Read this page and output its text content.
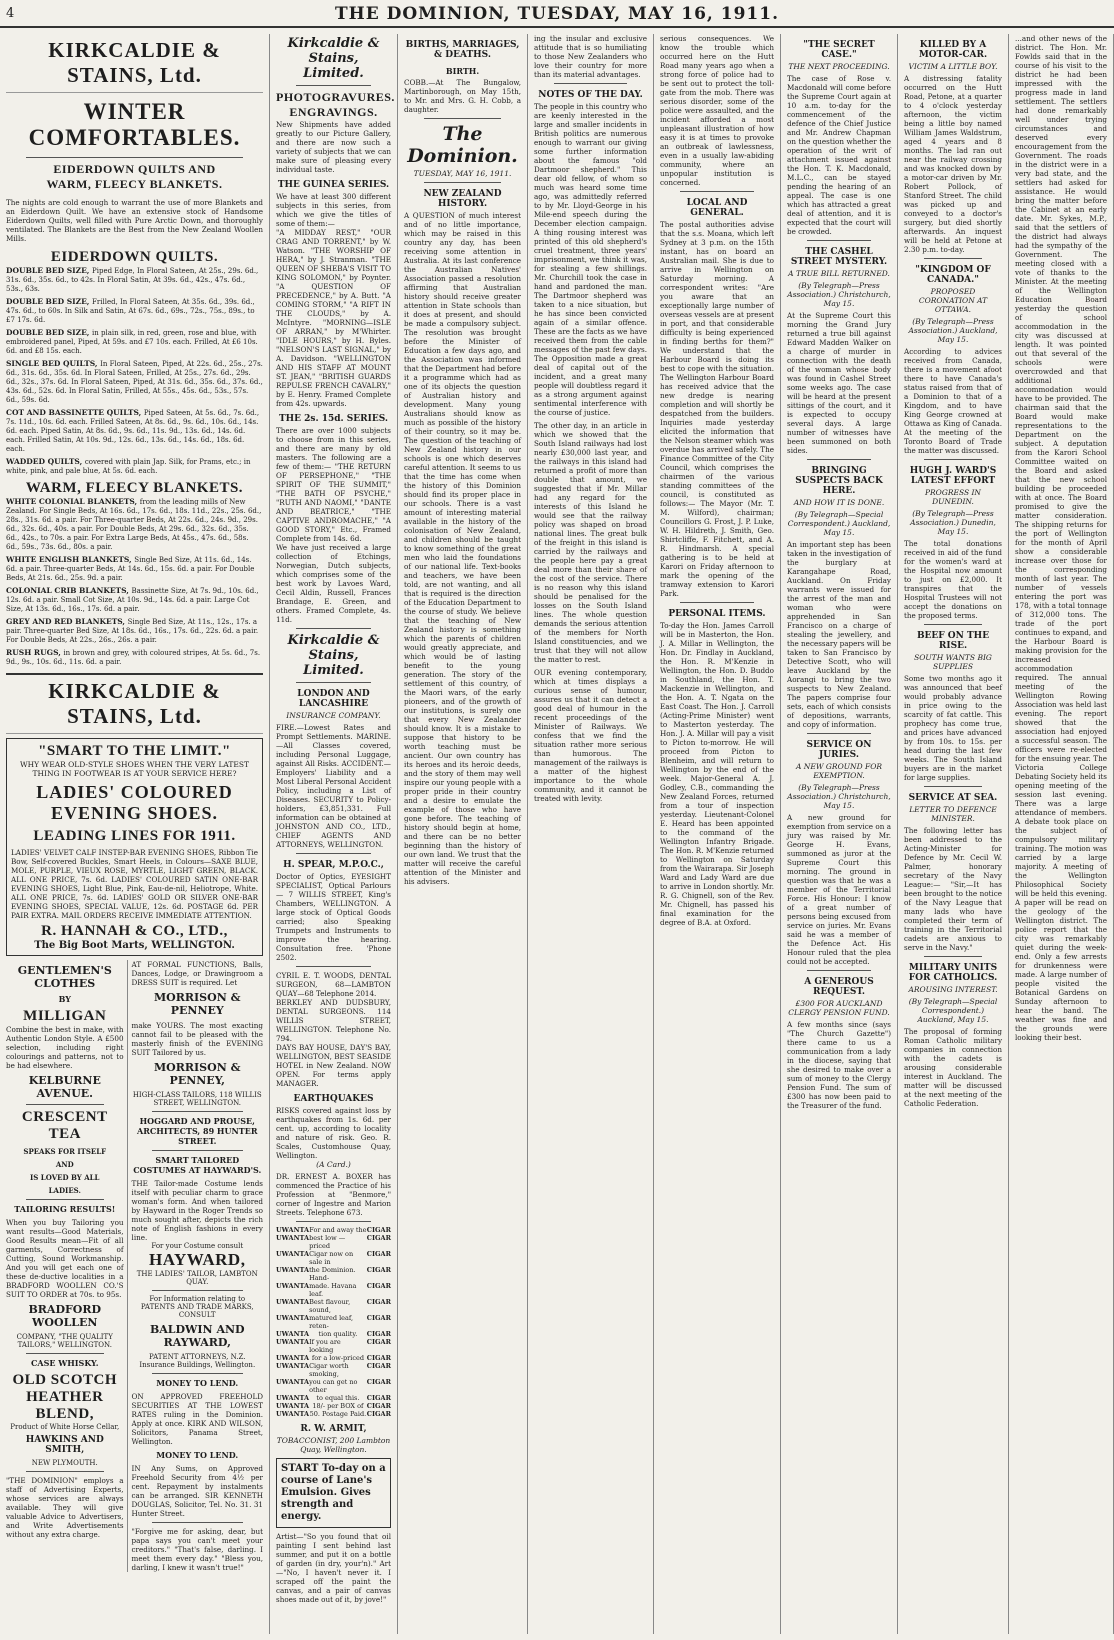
4	THE DOMINION, TUESDAY, MAY 16, 1911.
KIRKCALDIE & STAINS, Ltd.
WINTER COMFORTABLES.
EIDERDOWN QUILTS AND WARM, FLEECY BLANKETS.

The nights are cold enough to warrant the use of more Blankets and an Eiderdown Quilt. We have an extensive stock of Handsome Eiderdown Quilts, well filled with Pure Arctic Down, and thoroughly ventilated. The Blankets are the Best from the New Zealand Woollen Mills.

EIDERDOWN QUILTS.
DOUBLE BED SIZE, Piped Edge, In Floral Sateen, At 25s., 29s. 6d., 31s. 6d., 35s. 6d., to 42s. In Floral Satin, At 39s. 6d., 42s., 47s. 6d., 53s., 63s.
DOUBLE BED SIZE, Frilled, In Floral Sateen, At 35s. 6d., 39s. 6d., 47s. 6d., to 60s. In Silk and Satin, At 67s. 6d., 69s., 72s., 75s., 89s., to £7 17s. 6d.
DOUBLE BED SIZE, in plain silk, in red, green, rose and blue, with embroidered panel, Piped, At 59s. and £7 10s. each. Frilled, At £6 10s. 6d. and £8 15s. each.
SINGLE BED QUILTS, In Floral Sateen, Piped, At 22s. 6d., 25s., 27s. 6d., 31s. 6d., 35s. 6d. In Floral Sateen, Frilled, At 25s., 27s. 6d., 29s. 6d., 32s., 37s. 6d. In Floral Sateen, Piped, At 31s. 6d., 35s. 6d., 37s. 6d., 43s. 6d., 52s. 6d. In Floral Satin, Frilled, At 55s., 45s. 6d., 53s., 57s. 6d., 59s. 6d.
COT AND BASSINETTE QUILTS, Piped Sateen, At 5s. 6d., 7s. 6d., 7s. 11d., 10s. 6d. each. Frilled Sateen, At 8s. 6d., 9s. 6d., 10s. 6d., 14s. 6d. each. Piped Satin, At 8s. 6d., 9s. 6d., 11s. 9d., 13s. 6d., 14s. 6d. each. Frilled Satin, At 10s. 9d., 12s. 6d., 13s. 6d., 14s. 6d., 18s. 6d. each.
WADDED QUILTS, covered with plain Jap. Silk, for Prams, etc.; in white, pink, and pale blue, At 5s. 6d. each.
WARM, FLEECY BLANKETS.
WHITE COLONIAL BLANKETS, from the leading mills of New Zealand. For Single Beds, At 16s. 6d., 17s. 6d., 18s. 11d., 22s., 25s. 6d., 28s., 31s. 6d. a pair. For Three-quarter Beds, At 22s. 6d., 24s. 9d., 29s. 6d., 32s. 6d., 40s. a pair. For Double Beds, At 29s. 6d., 32s. 6d., 35s. 6d., 42s., to 70s. a pair. For Extra Large Beds, At 45s., 47s. 6d., 58s. 6d., 59s., 73s. 6d., 80s. a pair.
WHITE ENGLISH BLANKETS, Single Bed Size, At 11s. 6d., 14s. 6d. a pair. Three-quarter Beds, At 14s. 6d., 15s. 6d. a pair. For Double Beds, At 21s. 6d., 25s. 9d. a pair.
COLONIAL CRIB BLANKETS, Bassinette Size, At 7s. 9d., 10s. 6d., 12s. 6d. a pair. Small Cot Size, At 10s. 9d., 14s. 6d. a pair. Large Cot Size, At 13s. 6d., 16s., 17s. 6d. a pair.
GREY AND RED BLANKETS, Single Bed Size, At 11s., 12s., 17s. a pair. Three-quarter Bed Size, At 18s. 6d., 16s., 17s. 6d., 22s. 6d. a pair. For Double Beds, At 22s., 26s., 26s. a pair.
RUSH RUGS, in brown and grey, with coloured stripes, At 5s. 6d., 7s. 9d., 9s., 10s. 6d., 11s. 6d. a pair.
KIRKCALDIE & STAINS, Ltd.
"SMART TO THE LIMIT."
WHY WEAR OLD-STYLE SHOES WHEN THE VERY LATEST THING IN FOOTWEAR IS AT YOUR SERVICE HERE?
LADIES' COLOURED EVENING SHOES.
LEADING LINES FOR 1911.

LADIES' VELVET CALF INSTEP-BAR EVENING SHOES, Ribbon Tie Bow, Self-covered Buckles, Smart Heels, in Colours—SAXE BLUE, MOLE, PURPLE, VIEUX ROSE, MYRTLE, LIGHT GREEN, BLACK. ALL ONE PRICE, 7s. 6d. LADIES' COLOURED SATIN ONE-BAR EVENING SHOES, Light Blue, Pink, Eau-de-nil, Heliotrope, White. ALL ONE PRICE, 7s. 6d. LADIES' GOLD OR SILVER ONE-BAR EVENING SHOES, SPECIAL VALUE, 12s. 6d. POSTAGE 6d. PER PAIR EXTRA. MAIL ORDERS RECEIVE IMMEDIATE ATTENTION.

R. HANNAH & CO., LTD.,
The Big Boot Marts, WELLINGTON.
GENTLEMEN'S CLOTHES
BY
MILLIGAN

Combine the best in make, with Authentic London Style. A £500 selection, including right colourings and patterns, not to be had elsewhere.

KELBURNE AVENUE.
CRESCENT TEA
SPEAKS FOR ITSELF
AND
IS LOVED BY ALL
LADIES.
TAILORING RESULTS!

When you buy Tailoring you want results—Good Materials, Good Results mean—Fit of all garments, Correctness of Cutting, Sound Workmanship. And you will get each one of these de-ductive localities in a BRADFORD WOOLLEN CO.'S SUIT TO ORDER at 70s. to 95s.

BRADFORD WOOLLEN
COMPANY, "THE QUALITY TAILORS," WELLINGTON.
CASE WHISKY.
OLD SCOTCH
HEATHER BLEND,
Product of White Horse Cellar,
HAWKINS AND SMITH,
NEW PLYMOUTH.

"THE DOMINION" employs a staff of Advertising Experts, whose services are always available. They will give valuable Advice to Advertisers, and Write Advertisements without any extra charge.

AT FORMAL FUNCTIONS, Balls, Dances, Lodge, or Drawingroom a DRESS SUIT is required. Let

MORRISON & PENNEY

make YOURS. The most exacting cannot fail to be pleased with the masterly finish of the EVENING SUIT Tailored by us.

MORRISON & PENNEY,
HIGH-CLASS TAILORS, 118 WILLIS STREET, WELLINGTON.
HOGGARD AND PROUSE, ARCHITECTS, 89 HUNTER STREET.
SMART TAILORED COSTUMES AT HAYWARD'S.

THE Tailor-made Costume lends itself with peculiar charm to grace woman's form. And when tailored by Hayward in the Roger Trends so much sought after, depicts the rich note of English fashions in every line.

For your Costume consult
HAYWARD,
THE LADIES' TAILOR, LAMBTON QUAY.
For Information relating to PATENTS AND TRADE MARKS, CONSULT
BALDWIN AND RAYWARD,
PATENT ATTORNEYS, N.Z. Insurance Buildings, Wellington.
MONEY TO LEND.

ON APPROVED FREEHOLD SECURITIES AT THE LOWEST RATES ruling in the Dominion. Apply at once. KIRK AND WILSON, Solicitors, Panama Street, Wellington.

MONEY TO LEND.

IN Any Sums, on Approved Freehold Security from 4½ per cent. Repayment by instalments can be arranged. SIR KENNETH DOUGLAS, Solicitor, Tel. No. 31. 31 Hunter Street.

"Forgive me for asking, dear, but papa says you can't meet your creditors." "That's false, darling. I meet them every day." "Bless you, darling, I knew it wasn't true!"

Kirkcaldie & Stains, Limited.
PHOTOGRAVURES.
ENGRAVINGS.

New Shipments have added greatly to our Picture Gallery, and there are now such a variety of subjects that we can make sure of pleasing every individual taste.

THE GUINEA SERIES.

We have at least 300 different subjects in this series, from which we give the titles of some of them:—

"A MIDDAY REST," "OUR CRAG AND TORRENT," by W. Watson. "THE WORSHIP OF HERA," by J. Stranman. "THE QUEEN OF SHEBA'S VISIT TO KING SOLOMON," by Poynter. "A QUESTION OF PRECEDENCE," by A. Butt. "A COMING STORM," "A RIFT IN THE CLOUDS," by A. McIntyre. "MORNING—ISLE OF ARRAN," by M'Whirter. "IDLE HOURS," by H. Byles. "NELSON'S LAST SIGNAL," by A. Davidson. "WELLINGTON AND HIS STAFF AT MOUNT ST. JEAN," "BRITISH GUARDS REPULSE FRENCH CAVALRY," by E. Henry. Framed Complete from 42s. upwards.

THE 2s. 15d. SERIES.

There are over 1000 subjects to choose from in this series, and there are many by old masters. The following are a few of them:— "THE RETURN OF PERSEPHONE," "THE SPIRIT OF THE SUMMIT," "THE BATH OF PSYCHE," "RUTH AND NAOMI," "DANTE AND BEATRICE," "THE CAPTIVE ANDROMACHE," "A GOOD STORY," Etc., Framed Complete from 14s. 6d.

We have just received a large collection of Etchings, Norwegian, Dutch subjects, which comprises some of the best work by Lavoes Ward, Cecil Aldin, Russell, Frances Brandage, E. Green, and others. Framed Complete, 4s. 11d.

Kirkcaldie & Stains, Limited.
LONDON AND LANCASHIRE
INSURANCE COMPANY.

FIRE.—Lowest Rates and Prompt Settlements. MARINE.—All Classes covered, including Personal Luggage, against All Risks. ACCIDENT.—Employers' Liability and a Most Liberal Personal Accident Policy, including a List of Diseases. SECURITY to Policy-holders, £3,851,331. Full information can be obtained at JOHNSTON AND CO., LTD., CHIEF AGENTS AND ATTORNEYS, WELLINGTON.

H. SPEAR, M.P.O.C.,

Doctor of Optics, EYESIGHT SPECIALIST, Optical Parlours— 7 WILLIS STREET, King's Chambers, WELLINGTON. A large stock of Optical Goods carried; also Speaking Trumpets and Instruments to improve the hearing. Consultation free. 'Phone 2502.

CYRIL E. T. WOODS, DENTAL SURGEON, 68—LAMBTON QUAY—68 Telephone 2014.

BERKLEY AND DUDSBURY, DENTAL SURGEONS. 114 WILLIS STREET, WELLINGTON. Telephone No. 794.

DAYS BAY HOUSE, DAY'S BAY, WELLINGTON, BEST SEASIDE HOTEL in New Zealand. NOW OPEN. For terms apply MANAGER.

EARTHQUAKES

RISKS covered against loss by earthquakes from 1s. 6d. per cent. up, according to locality and nature of risk. Geo. R. Scales, Customhouse Quay, Wellington.

(A Card.)

DR. ERNEST A. BOXER has commenced the Practice of his Profession at "Benmore," corner of Ingestre and Marion Streets. Telephone 673.

UWANTA For and away the CIGAR
UWANTA best low — priced
CIGAR
UWANTA Cigar now on sale in
CIGAR
UWANTA the Dominion. Hand-
CIGAR
UWANTA made. Havana leaf.
CIGAR
UWANTA Best flavour, sound,
CIGAR
UWANTA matured leaf, reten-
CIGAR
UWANTA tion quality. CIGAR
UWANTA If you are looking
CIGAR
UWANTA for a low-priced CIGAR
UWANTA Cigar worth smoking,
CIGAR
UWANTA you can get no other
CIGAR
UWANTA to equal this. CIGAR
UWANTA 18/- per BOX of CIGAR
UWANTA 50. Postage Paid. CIGAR
R. W. ARMIT,
TOBACCONIST, 200 Lambton Quay, Wellington.
START To-day on a course of Lane's Emulsion. Gives strength and energy.

Artist—"So you found that oil painting I sent behind last summer, and put it on a bottle of garden (in dry, your'n)." Art—"No, I haven't never it. I scraped off the paint the canvas, and a pair of canvas shoes made out of it, by jove!"

BIRTHS, MARRIAGES, & DEATHS.
BIRTH.

COBB.—At The Bungalow, Martinborough, on May 15th, to Mr. and Mrs. G. H. Cobb, a daughter.

The Dominion.
TUESDAY, MAY 16, 1911.
NEW ZEALAND HISTORY.

A QUESTION of much interest and of no little importance, which may be raised in this country any day, has been receiving some attention in Australia. At its last conference the Australian Natives' Association passed a resolution affirming that Australian history should receive greater attention in State schools than it does at present, and should be made a compulsory subject. The resolution was brought before the Minister of Education a few days ago, and the Association was informed that the Department had before it a programme which had as one of its objects the question of Australian history and development. Many young Australians should know as much as possible of the history of their country, so it may be. The question of the teaching of New Zealand history in our schools is one which deserves careful attention. It seems to us that the time has come when the history of this Dominion should find its proper place in our schools. There is a vast amount of interesting material available in the history of the colonisation of New Zealand, and children should be taught to know something of the great men who laid the foundations of our national life. Text-books and teachers, we have been told, are not wanting, and all that is required is the direction of the Education Department to the course of study. We believe that the teaching of New Zealand history is something which the parents of children would greatly appreciate, and which would be of lasting benefit to the young generation. The story of the settlement of this country, of the Maori wars, of the early pioneers, and of the growth of our institutions, is surely one that every New Zealander should know. It is a mistake to suppose that history to be worth teaching must be ancient. Our own country has its heroes and its heroic deeds, and the story of them may well inspire our young people with a proper pride in their country and a desire to emulate the example of those who have gone before. The teaching of history should begin at home, and there can be no better beginning than the history of our own land. We trust that the matter will receive the careful attention of the Minister and his advisers.

ing the insular and exclusive attitude that is so humiliating to those New Zealanders who love their country for more than its material advantages.

NOTES OF THE DAY.

The people in this country who are keenly interested in the large and smaller incidents in British politics are numerous enough to warrant our giving some further information about the famous "old Dartmoor shepherd." This dear old fellow, of whom so much was heard some time ago, was admittedly referred to by Mr. Lloyd-George in his Mile-end speech during the December election campaign. A thing rousing interest was printed of this old shepherd's cruel treatment, three years' imprisonment, we think it was, for stealing a few shillings. Mr. Churchill took the case in hand and pardoned the man. The Dartmoor shepherd was taken to a nice situation, but he has since been convicted again of a similar offence. These are the facts as we have received them from the cable messages of the past few days. The Opposition made a great deal of capital out of the incident, and a great many people will doubtless regard it as a strong argument against sentimental interference with the course of justice.

The other day, in an article in which we showed that the South Island railways had lost nearly £30,000 last year, and the railways in this island had returned a profit of more than double that amount, we suggested that if Mr. Millar had any regard for the interests of this Island he would see that the railway policy was shaped on broad national lines. The great bulk of the freight in this island is carried by the railways and the people here pay a great deal more than their share of the cost of the service. There is no reason why this island should be penalised for the losses on the South Island lines. The whole question demands the serious attention of the members for North Island constituencies, and we trust that they will not allow the matter to rest.

OUR evening contemporary, which at times displays a curious sense of humour, assures us that it can detect a good deal of humour in the recent proceedings of the Minister of Railways. We confess that we find the situation rather more serious than humorous. The management of the railways is a matter of the highest importance to the whole community, and it cannot be treated with levity.

serious consequences. We know the trouble which occurred here on the Hutt Road many years ago when a strong force of police had to be sent out to protect the toll-gate from the mob. There was serious disorder, some of the police were assaulted, and the incident afforded a most unpleasant illustration of how easy it is at times to provoke an outbreak of lawlessness, even in a usually law-abiding community, where an unpopular institution is concerned.

LOCAL AND GENERAL.

The postal authorities advise that the s.s. Moana, which left Sydney at 3 p.m. on the 15th instant, has on board an Australian mail. She is due to arrive in Wellington on Saturday morning. A correspondent writes: "Are you aware that an exceptionally large number of overseas vessels are at present in port, and that considerable difficulty is being experienced in finding berths for them?" We understand that the Harbour Board is doing its best to cope with the situation. The Wellington Harbour Board has received advice that the new dredge is nearing completion and will shortly be despatched from the builders. Inquiries made yesterday elicited the information that the Nelson steamer which was overdue has arrived safely. The Finance Committee of the City Council, which comprises the chairmen of the various standing committees of the council, is constituted as follows:— The Mayor (Mr. T. M. Wilford), chairman; Councillors G. Frost, J. P. Luke, W. H. Hildreth, J. Smith, Geo. Shirtcliffe, F. Fitchett, and A. R. Hindmarsh. A special gathering is to be held at Karori on Friday afternoon to mark the opening of the tramway extension to Karori Park.

PERSONAL ITEMS.

To-day the Hon. James Carroll will be in Masterton, the Hon. J. A. Millar in Wellington, the Hon. Dr. Findlay in Auckland, the Hon. R. M'Kenzie in Wellington, the Hon. D. Buddo in Southland, the Hon. T. Mackenzie in Wellington, and the Hon. A. T. Ngata on the East Coast. The Hon. J. Carroll (Acting-Prime Minister) went to Masterton yesterday. The Hon. J. A. Millar will pay a visit to Picton to-morrow. He will proceed from Picton to Blenheim, and will return to Wellington by the end of the week. Major-General A. J. Godley, C.B., commanding the New Zealand Forces, returned from a tour of inspection yesterday. Lieutenant-Colonel E. Heard has been appointed to the command of the Wellington Infantry Brigade. The Hon. R. M'Kenzie returned to Wellington on Saturday from the Wairarapa. Sir Joseph Ward and Lady Ward are due to arrive in London shortly. Mr. R. G. Chignell, son of the Rev. Mr. Chignell, has passed his final examination for the degree of B.A. at Oxford.

"THE SECRET CASE."
THE NEXT PROCEEDING.

The case of Rose v. Macdonald will come before the Supreme Court again at 10 a.m. to-day for the commencement of the defence of the Chief Justice and Mr. Andrew Chapman on the question whether the operation of the writ of attachment issued against the Hon. T. K. Macdonald, M.L.C., can be stayed pending the hearing of an appeal. The case is one which has attracted a great deal of attention, and it is expected that the court will be crowded.

THE CASHEL STREET MYSTERY.
A TRUE BILL RETURNED.
(By Telegraph—Press Association.) Christchurch, May 15.

At the Supreme Court this morning the Grand Jury returned a true bill against Edward Madden Walker on a charge of murder in connection with the death of the woman whose body was found in Cashel Street some weeks ago. The case will be heard at the present sittings of the court, and it is expected to occupy several days. A large number of witnesses have been summoned on both sides.

BRINGING SUSPECTS BACK HERE.
AND HOW IT IS DONE.
(By Telegraph—Special Correspondent.) Auckland, May 15.

An important step has been taken in the investigation of the burglary at Karangahape Road, Auckland. On Friday warrants were issued for the arrest of the man and woman who were apprehended in San Francisco on a charge of stealing the jewellery, and the necessary papers will be taken to San Francisco by Detective Scott, who will leave Auckland by the Aorangi to bring the two suspects to New Zealand. The papers comprise four sets, each of which consists of depositions, warrants, and copy of information.

SERVICE ON JURIES.
A NEW GROUND FOR EXEMPTION.
(By Telegraph—Press Association.) Christchurch, May 15.

A new ground for exemption from service on a jury was raised by Mr. George H. Evans, summoned as juror at the Supreme Court this morning. The ground in question was that he was a member of the Territorial Force. His Honour: I know of a great number of persons being excused from service on juries. Mr. Evans said he was a member of the Defence Act. His Honour ruled that the plea could not be accepted.

A GENEROUS REQUEST.
£300 FOR AUCKLAND CLERGY PENSION FUND.

A few months since (says "The Church Gazette") there came to us a communication from a lady in the diocese, saying that she desired to make over a sum of money to the Clergy Pension Fund. The sum of £300 has now been paid to the Treasurer of the fund.

KILLED BY A MOTOR-CAR.
VICTIM A LITTLE BOY.

A distressing fatality occurred on the Hutt Road, Petone, at a quarter to 4 o'clock yesterday afternoon, the victim being a little boy named William James Waldstrum, aged 4 years and 8 months. The lad ran out near the railway crossing and was knocked down by a motor-car driven by Mr. Robert Pollock, of Stanford Street. The child was picked up and conveyed to a doctor's surgery, but died shortly afterwards. An inquest will be held at Petone at 2.30 p.m. to-day.

"KINGDOM OF CANADA."
PROPOSED CORONATION AT OTTAWA.
(By Telegraph—Press Association.) Auckland, May 15.

According to advices received from Canada, there is a movement afoot there to have Canada's status raised from that of a Dominion to that of a Kingdom, and to have King George crowned at Ottawa as King of Canada. At the meeting of the Toronto Board of Trade the matter was discussed.

HUGH J. WARD'S LATEST EFFORT
PROGRESS IN DUNEDIN.
(By Telegraph—Press Association.) Dunedin, May 15.

The total donations received in aid of the fund for the women's ward at the Hospital now amount to just on £2,000. It transpires that the Hospital Trustees will not accept the donations on the proposed terms.

BEEF ON THE RISE.
SOUTH WANTS BIG SUPPLIES

Some two months ago it was announced that beef would probably advance in price owing to the scarcity of fat cattle. This prophecy has come true, and prices have advanced by from 10s. to 15s. per head during the last few weeks. The South Island buyers are in the market for large supplies.

SERVICE AT SEA.
LETTER TO DEFENCE MINISTER.

The following letter has been addressed to the Acting-Minister for Defence by Mr. Cecil W. Palmer, honorary secretary of the Navy League:— "Sir,—It has been brought to the notice of the Navy League that many lads who have completed their term of training in the Territorial cadets are anxious to serve in the Navy."

MILITARY UNITS FOR CATHOLICS.
AROUSING INTEREST.
(By Telegraph—Special Correspondent.) Auckland, May 15.

The proposal of forming Roman Catholic military companies in connection with the cadets is arousing considerable interest in Auckland. The matter will be discussed at the next meeting of the Catholic Federation.

...and other news of the district. The Hon. Mr. Fowlds said that in the course of his visit to the district he had been impressed with the progress made in land settlement. The settlers had done remarkably well under trying circumstances and deserved every encouragement from the Government. The roads in the district were in a very bad state, and the settlers had asked for assistance. He would bring the matter before the Cabinet at an early date. Mr. Sykes, M.P., said that the settlers of the district had always had the sympathy of the Government. The meeting closed with a vote of thanks to the Minister. At the meeting of the Wellington Education Board yesterday the question of school accommodation in the city was discussed at length. It was pointed out that several of the schools were overcrowded and that additional accommodation would have to be provided. The chairman said that the Board would make representations to the Department on the subject. A deputation from the Karori School Committee waited on the Board and asked that the new school building be proceeded with at once. The Board promised to give the matter consideration. The shipping returns for the port of Wellington for the month of April show a considerable increase over those for the corresponding month of last year. The number of vessels entering the port was 178, with a total tonnage of 312,000 tons. The trade of the port continues to expand, and the Harbour Board is making provision for the increased accommodation required. The annual meeting of the Wellington Rowing Association was held last evening. The report showed that the association had enjoyed a successful season. The officers were re-elected for the ensuing year. The Victoria College Debating Society held its opening meeting of the session last evening. There was a large attendance of members. A debate took place on the subject of compulsory military training. The motion was carried by a large majority. A meeting of the Wellington Philosophical Society will be held this evening. A paper will be read on the geology of the Wellington district. The police report that the city was remarkably quiet during the week-end. Only a few arrests for drunkenness were made. A large number of people visited the Botanical Gardens on Sunday afternoon to hear the band. The weather was fine and the grounds were looking their best.
